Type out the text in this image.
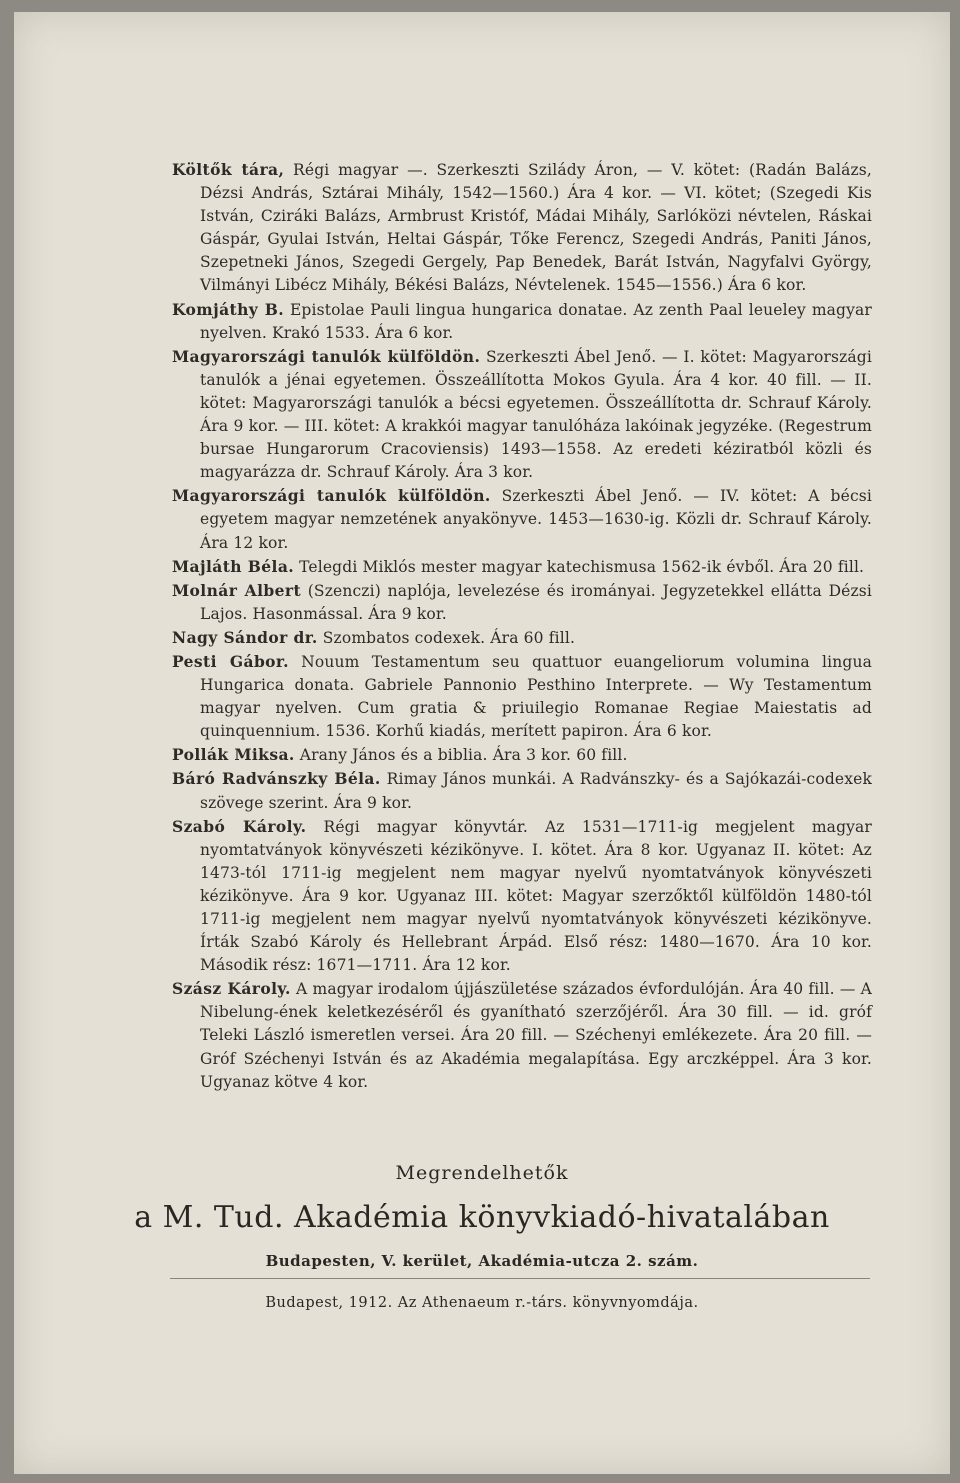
Költők tára, Régi magyar —. Szerkeszti Szilády Áron, — V. kötet: (Radán Balázs, Dézsi András, Sztárai Mihály, 1542—1560.) Ára 4 kor. — VI. kötet; (Szegedi Kis István, Cziráki Balázs, Armbrust Kristóf, Mádai Mihály, Sarlóközi névtelen, Ráskai Gáspár, Gyulai István, Heltai Gáspár, Tőke Ferencz, Szegedi András, Paniti János, Szepetneki János, Szegedi Gergely, Pap Benedek, Barát István, Nagyfalvi György, Vilmányi Libécz Mihály, Békési Balázs, Névtelenek. 1545—1556.) Ára 6 kor.

Komjáthy B. Epistolae Pauli lingua hungarica donatae. Az zenth Paal leueley magyar nyelven. Krakó 1533. Ára 6 kor.

Magyarországi tanulók külföldön. Szerkeszti Ábel Jenő. — I. kötet: Magyarországi tanulók a jénai egyetemen. Összeállította Mokos Gyula. Ára 4 kor. 40 fill. — II. kötet: Magyarországi tanulók a bécsi egyetemen. Összeállította dr. Schrauf Károly. Ára 9 kor. — III. kötet: A krakkói magyar tanulóháza lakóinak jegyzéke. (Regestrum bursae Hungarorum Cracoviensis) 1493—1558. Az eredeti kéziratból közli és magyarázza dr. Schrauf Károly. Ára 3 kor.

Magyarországi tanulók külföldön. Szerkeszti Ábel Jenő. — IV. kötet: A bécsi egyetem magyar nemzetének anyakönyve. 1453—1630-ig. Közli dr. Schrauf Károly. Ára 12 kor.

Majláth Béla. Telegdi Miklós mester magyar katechismusa 1562-ik évből. Ára 20 fill.

Molnár Albert (Szenczi) naplója, levelezése és irományai. Jegyzetekkel ellátta Dézsi Lajos. Hasonmással. Ára 9 kor.

Nagy Sándor dr. Szombatos codexek. Ára 60 fill.

Pesti Gábor. Nouum Testamentum seu quattuor euangeliorum volumina lingua Hungarica donata. Gabriele Pannonio Pesthino Interprete. — Wy Testamentum magyar nyelven. Cum gratia & priuilegio Romanae Regiae Maiestatis ad quinquennium. 1536. Korhű kiadás, merített papiron. Ára 6 kor.

Pollák Miksa. Arany János és a biblia. Ára 3 kor. 60 fill.

Báró Radvánszky Béla. Rimay János munkái. A Radvánszky- és a Sajókazái-codexek szövege szerint. Ára 9 kor.

Szabó Károly. Régi magyar könyvtár. Az 1531—1711-ig megjelent magyar nyomtatványok könyvészeti kézikönyve. I. kötet. Ára 8 kor. Ugyanaz II. kötet: Az 1473-tól 1711-ig megjelent nem magyar nyelvű nyomtatványok könyvészeti kézikönyve. Ára 9 kor. Ugyanaz III. kötet: Magyar szerzőktől külföldön 1480-tól 1711-ig megjelent nem magyar nyelvű nyomtatványok könyvészeti kézikönyve. Írták Szabó Károly és Hellebrant Árpád. Első rész: 1480—1670. Ára 10 kor. Második rész: 1671—1711. Ára 12 kor.

Szász Károly. A magyar irodalom újjászületése százados évfordulóján. Ára 40 fill. — A Nibelung-ének keletkezéséről és gyanítható szerzőjéről. Ára 30 fill. — id. gróf Teleki László ismeretlen versei. Ára 20 fill. — Széchenyi emlékezete. Ára 20 fill. — Gróf Széchenyi István és az Akadémia megalapítása. Egy arczképpel. Ára 3 kor. Ugyanaz kötve 4 kor.

Megrendelhetők
a M. Tud. Akadémia könyvkiadó-hivatalában
Budapesten, V. kerület, Akadémia-utcza 2. szám.
Budapest, 1912. Az Athenaeum r.-társ. könyvnyomdája.
